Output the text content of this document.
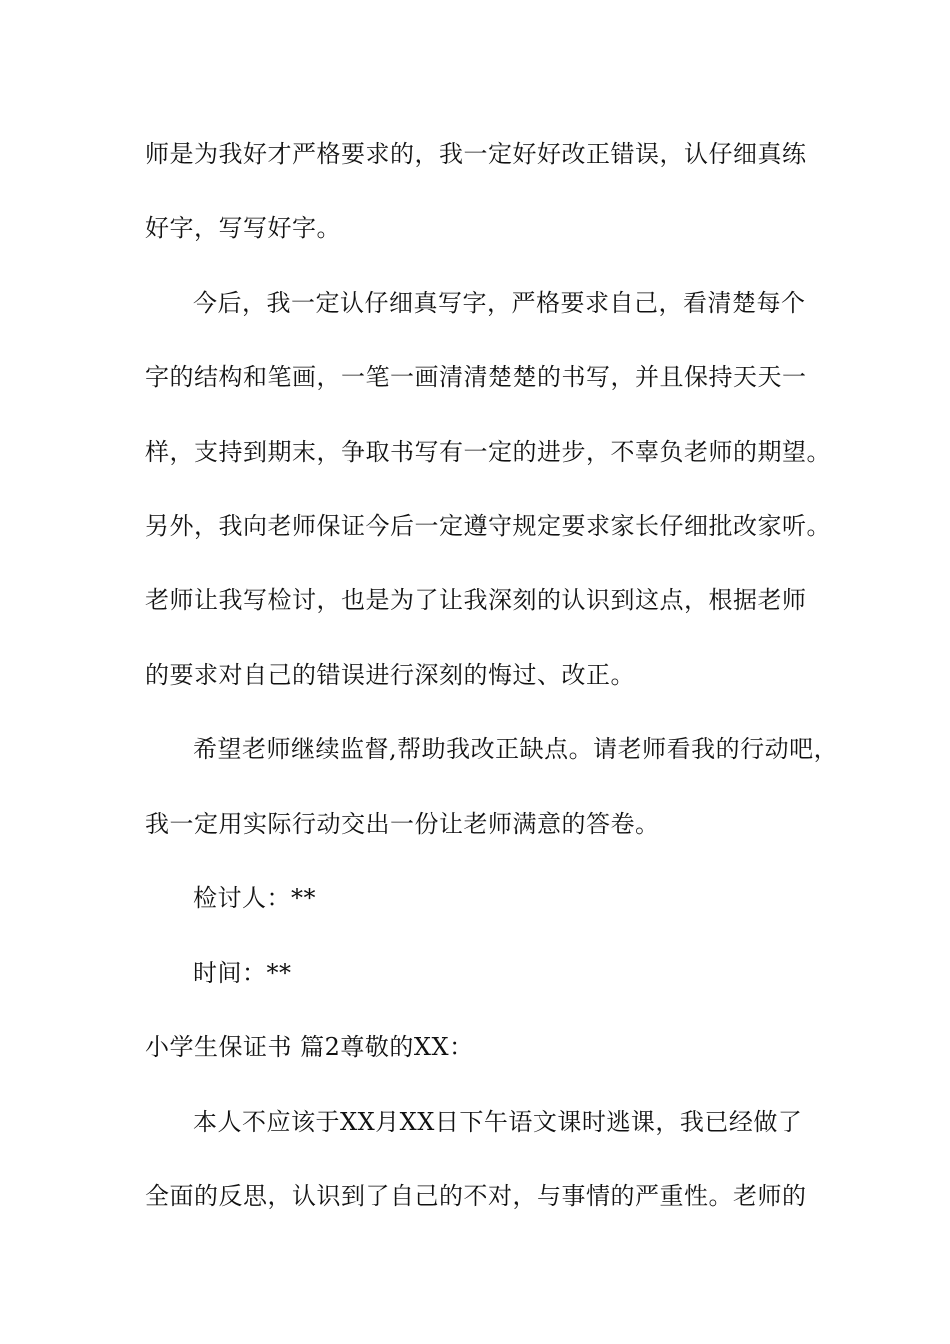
师是为我好才严格要求的，我一定好好改正错误，认仔细真练
好字，写写好字。
今后，我一定认仔细真写字，严格要求自己，看清楚每个
字的结构和笔画，一笔一画清清楚楚的书写，并且保持天天一
样，支持到期末，争取书写有一定的进步，不辜负老师的期望。
另外，我向老师保证今后一定遵守规定要求家长仔细批改家听。
老师让我写检讨，也是为了让我深刻的认识到这点，根据老师
的要求对自己的错误进行深刻的悔过、改正。
希望老师继续监督,帮助我改正缺点。请老师看我的行动吧，
我一定用实际行动交出一份让老师满意的答卷。
检讨人：**
时间：**
小学生保证书 篇2尊敬的XX：
本人不应该于XX月XX日下午语文课时逃课，我已经做了
全面的反思，认识到了自己的不对，与事情的严重性。老师的
